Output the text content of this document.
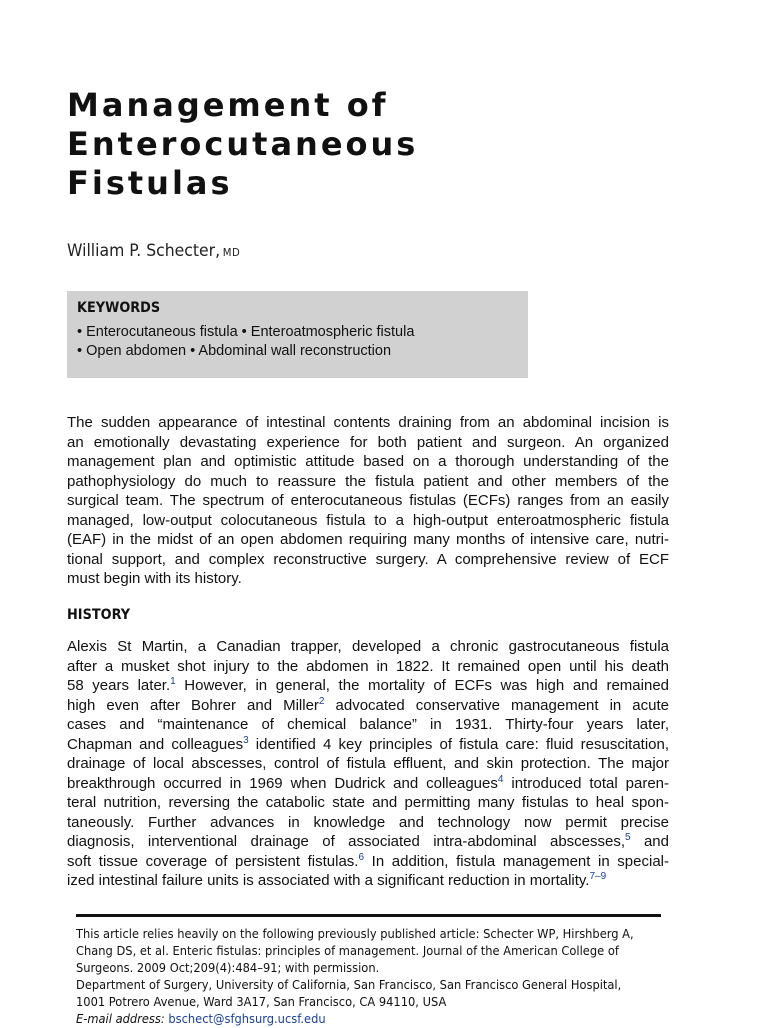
Management of
Enterocutaneous
Fistulas
William P. Schecter, MD
KEYWORDS
• Enterocutaneous fistula • Enteroatmospheric fistula
• Open abdomen • Abdominal wall reconstruction
The sudden appearance of intestinal contents draining from an abdominal incision is
an emotionally devastating experience for both patient and surgeon. An organized
management plan and optimistic attitude based on a thorough understanding of the
pathophysiology do much to reassure the fistula patient and other members of the
surgical team. The spectrum of enterocutaneous fistulas (ECFs) ranges from an easily
managed, low-output colocutaneous fistula to a high-output enteroatmospheric fistula
(EAF) in the midst of an open abdomen requiring many months of intensive care, nutri-
tional support, and complex reconstructive surgery. A comprehensive review of ECF
must begin with its history.
HISTORY
Alexis St Martin, a Canadian trapper, developed a chronic gastrocutaneous fistula
after a musket shot injury to the abdomen in 1822. It remained open until his death
58 years later.$^1$ However, in general, the mortality of ECFs was high and remained
high even after Bohrer and Miller$^2$ advocated conservative management in acute
cases and “maintenance of chemical balance” in 1931. Thirty-four years later,
Chapman and colleagues$^3$ identified 4 key principles of fistula care: fluid resuscitation,
drainage of local abscesses, control of fistula effluent, and skin protection. The major
breakthrough occurred in 1969 when Dudrick and colleagues$^4$ introduced total paren-
teral nutrition, reversing the catabolic state and permitting many fistulas to heal spon-
taneously. Further advances in knowledge and technology now permit precise
diagnosis, interventional drainage of associated intra-abdominal abscesses,$^5$ and
soft tissue coverage of persistent fistulas.$^6$ In addition, fistula management in special-
ized intestinal failure units is associated with a significant reduction in mortality.$^{7-9}$
This article relies heavily on the following previously published article: Schecter WP, Hirshberg A,
Chang DS, et al. Enteric fistulas: principles of management. Journal of the American College of
Surgeons. 2009 Oct;209(4):484–91; with permission.
Department of Surgery, University of California, San Francisco, San Francisco General Hospital,
1001 Potrero Avenue, Ward 3A17, San Francisco, CA 94110, USA
E-mail address: bschect@sfghsurg.ucsf.edu
